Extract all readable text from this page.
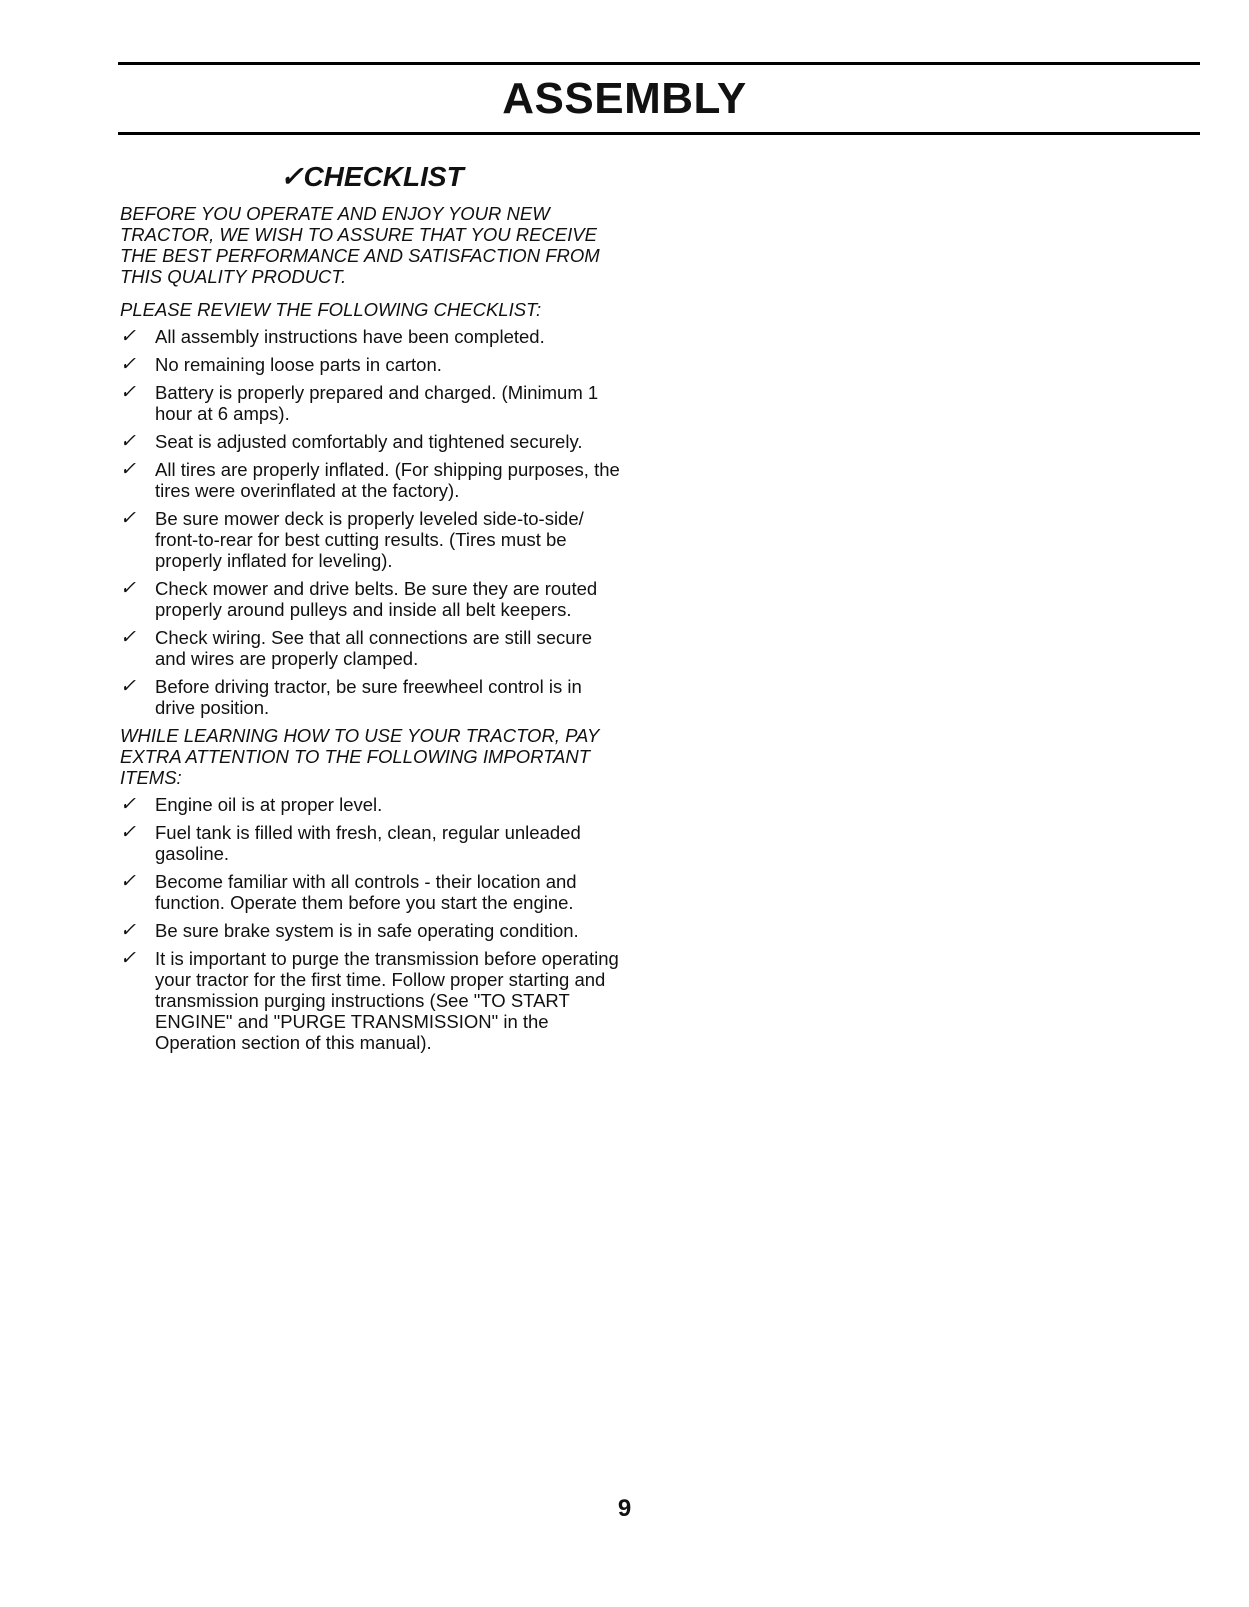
ASSEMBLY
✓CHECKLIST
BEFORE YOU OPERATE AND ENJOY YOUR NEW TRACTOR, WE WISH TO ASSURE THAT YOU RECEIVE THE BEST PERFORMANCE AND SATISFACTION FROM THIS QUALITY PRODUCT.
PLEASE REVIEW THE FOLLOWING CHECKLIST:
✓ All assembly instructions have been completed.
✓ No remaining loose parts in carton.
✓ Battery is properly prepared and charged. (Minimum 1 hour at 6 amps).
✓ Seat is adjusted comfortably and tightened securely.
✓ All tires are properly inflated. (For shipping purposes, the tires were overinflated at the factory).
✓ Be sure mower deck is properly leveled side-to-side/ front-to-rear for best cutting results. (Tires must be properly inflated for leveling).
✓ Check mower and drive belts. Be sure they are routed properly around pulleys and inside all belt keepers.
✓ Check wiring. See that all connections are still secure and wires are properly clamped.
✓ Before driving tractor, be sure freewheel control is in drive position.
WHILE LEARNING HOW TO USE YOUR TRACTOR, PAY EXTRA ATTENTION TO THE FOLLOWING IMPORTANT ITEMS:
✓ Engine oil is at proper level.
✓ Fuel tank is filled with fresh, clean, regular unleaded gasoline.
✓ Become familiar with all controls - their location and function. Operate them before you start the engine.
✓ Be sure brake system is in safe operating condition.
✓ It is important to purge the transmission before operating your tractor for the first time. Follow proper starting and transmission purging instructions (See "TO START ENGINE" and "PURGE TRANSMISSION" in the Operation section of this manual).
9
